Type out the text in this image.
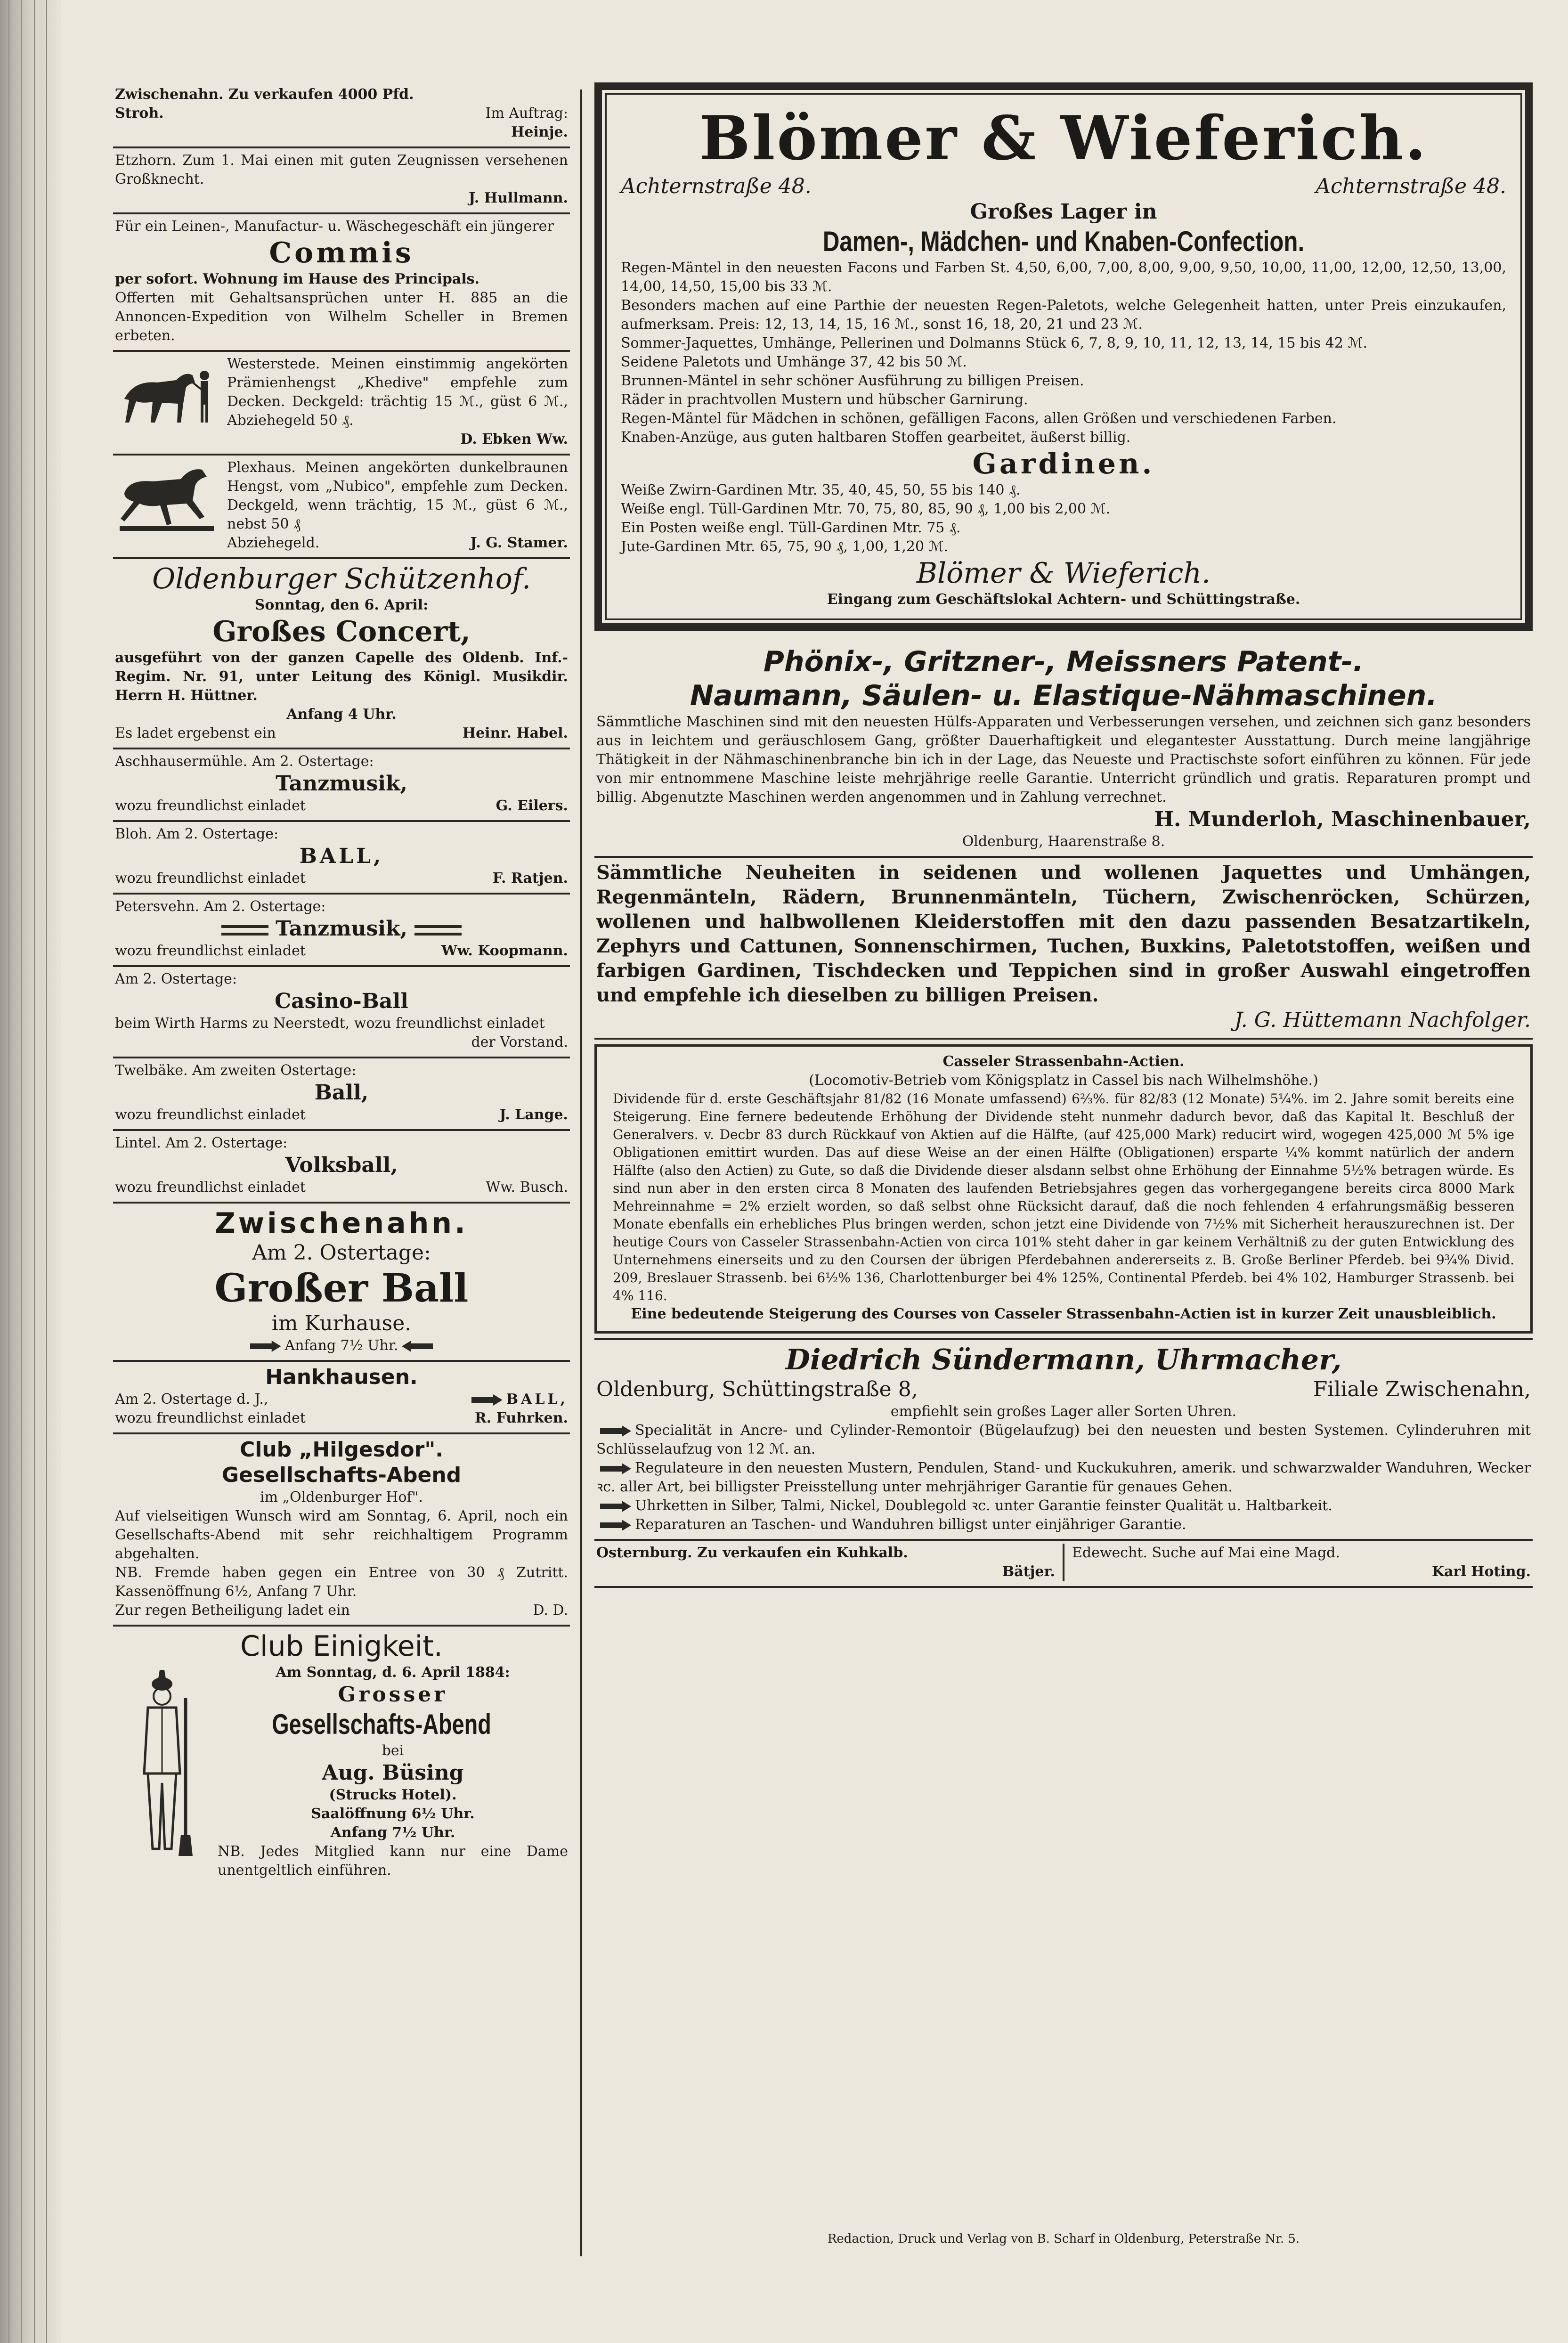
Zwischenahn. Zu verkaufen 4000 Pfd.

Stroh.	Im Auftrag:

Heinje.

Etzhorn. Zum 1. Mai einen mit guten Zeugnissen versehenen Großknecht.

J. Hullmann.

Für ein Leinen-, Manufactur- u. Wäschegeschäft ein jüngerer

Commis

per sofort. Wohnung im Hause des Principals.

Offerten mit Gehaltsansprüchen unter H. 885 an die Annoncen-Expedition von Wilhelm Scheller in Bremen erbeten.

Westerstede. Meinen einstimmig angekörten Prämienhengst „Khedive" empfehle zum Decken. Deckgeld: trächtig 15 ℳ., güst 6 ℳ., Abziehegeld 50 ₰.

D. Ebken Ww.

Plexhaus. Meinen angekörten dunkelbraunen Hengst, vom „Nubico", empfehle zum Decken. Deckgeld, wenn trächtig, 15 ℳ., güst 6 ℳ., nebst 50 ₰

Abziehegeld.	J. G. Stamer.

Oldenburger Schützenhof.

Sonntag, den 6. April:

Großes Concert,

ausgeführt von der ganzen Capelle des Oldenb. Inf.-Regim. Nr. 91, unter Leitung des Königl. Musikdir. Herrn H. Hüttner.

Anfang 4 Uhr.

Es ladet ergebenst ein	Heinr. Habel.

Aschhausermühle. Am 2. Ostertage:

Tanzmusik,

wozu freundlichst einladet	G. Eilers.

Bloh. Am 2. Ostertage:

BALL,

wozu freundlichst einladet	F. Ratjen.

Petersvehn. Am 2. Ostertage:

Tanzmusik,

wozu freundlichst einladet	Ww. Koopmann.

Am 2. Ostertage:

Casino-Ball

beim Wirth Harms zu Neerstedt, wozu freundlichst einladet

der Vorstand.

Twelbäke. Am zweiten Ostertage:

Ball,

wozu freundlichst einladet	J. Lange.

Lintel. Am 2. Ostertage:

Volksball,

wozu freundlichst einladet	Ww. Busch.

Zwischenahn.

Am 2. Ostertage:

Großer Ball

im Kurhause.

Anfang 7½ Uhr.

Hankhausen.

Am 2. Ostertage d. J.,	BALL,

wozu freundlichst einladet	R. Fuhrken.

Club „Hilgesdor".

Gesellschafts-Abend

im „Oldenburger Hof".

Auf vielseitigen Wunsch wird am Sonntag, 6. April, noch ein Gesellschafts-Abend mit sehr reichhaltigem Programm abgehalten.

NB. Fremde haben gegen ein Entree von 30 ₰ Zutritt. Kassenöffnung 6½, Anfang 7 Uhr.

Zur regen Betheiligung ladet ein	D. D.

Club Einigkeit.

Am Sonntag, d. 6. April 1884:

Grosser

Gesellschafts-Abend

bei

Aug. Büsing

(Strucks Hotel).

Saalöffnung 6½ Uhr.

Anfang 7½ Uhr.

NB. Jedes Mitglied kann nur eine Dame unentgeltlich einführen.

Blömer & Wieferich.

Achternstraße 48.	Achternstraße 48.

Großes Lager in

Damen-, Mädchen- und Knaben-Confection.

Regen-Mäntel in den neuesten Facons und Farben St. 4,50, 6,00, 7,00, 8,00, 9,00, 9,50, 10,00, 11,00, 12,00, 12,50, 13,00, 14,00, 14,50, 15,00 bis 33 ℳ.

Besonders machen auf eine Parthie der neuesten Regen-Paletots, welche Gelegenheit hatten, unter Preis einzukaufen, aufmerksam. Preis: 12, 13, 14, 15, 16 ℳ., sonst 16, 18, 20, 21 und 23 ℳ.

Sommer-Jaquettes, Umhänge, Pellerinen und Dolmanns Stück 6, 7, 8, 9, 10, 11, 12, 13, 14, 15 bis 42 ℳ.

Seidene Paletots und Umhänge 37, 42 bis 50 ℳ.

Brunnen-Mäntel in sehr schöner Ausführung zu billigen Preisen.

Räder in prachtvollen Mustern und hübscher Garnirung.

Regen-Mäntel für Mädchen in schönen, gefälligen Facons, allen Größen und verschiedenen Farben.

Knaben-Anzüge, aus guten haltbaren Stoffen gearbeitet, äußerst billig.

Gardinen.

Weiße Zwirn-Gardinen Mtr. 35, 40, 45, 50, 55 bis 140 ₰.

Weiße engl. Tüll-Gardinen Mtr. 70, 75, 80, 85, 90 ₰, 1,00 bis 2,00 ℳ.

Ein Posten weiße engl. Tüll-Gardinen Mtr. 75 ₰.

Jute-Gardinen Mtr. 65, 75, 90 ₰, 1,00, 1,20 ℳ.

Blömer & Wieferich.

Eingang zum Geschäftslokal Achtern- und Schüttingstraße.

Phönix-, Gritzner-, Meissners Patent-.

Naumann, Säulen- u. Elastique-Nähmaschinen.

Sämmtliche Maschinen sind mit den neuesten Hülfs-Apparaten und Verbesserungen versehen, und zeichnen sich ganz besonders aus in leichtem und geräuschlosem Gang, größter Dauerhaftigkeit und elegantester Ausstattung. Durch meine langjährige Thätigkeit in der Nähmaschinenbranche bin ich in der Lage, das Neueste und Practischste sofort einführen zu können. Für jede von mir entnommene Maschine leiste mehrjährige reelle Garantie. Unterricht gründlich und gratis. Reparaturen prompt und billig. Abgenutzte Maschinen werden angenommen und in Zahlung verrechnet.

H. Munderloh, Maschinenbauer,

Oldenburg, Haarenstraße 8.

Sämmtliche Neuheiten in seidenen und wollenen Jaquettes und Umhängen, Regenmänteln, Rädern, Brunnenmänteln, Tüchern, Zwischenröcken, Schürzen, wollenen und halbwollenen Kleiderstoffen mit den dazu passenden Besatzartikeln, Zephyrs und Cattunen, Sonnenschirmen, Tuchen, Buxkins, Paletotstoffen, weißen und farbigen Gardinen, Tischdecken und Teppichen sind in großer Auswahl eingetroffen und empfehle ich dieselben zu billigen Preisen.

J. G. Hüttemann Nachfolger.

Casseler Strassenbahn-Actien.

(Locomotiv-Betrieb vom Königsplatz in Cassel bis nach Wilhelmshöhe.)

Dividende für d. erste Geschäftsjahr 81/82 (16 Monate umfassend) 6⅔%. für 82/83 (12 Monate) 5¼%. im 2. Jahre somit bereits eine Steigerung. Eine fernere bedeutende Erhöhung der Dividende steht nunmehr dadurch bevor, daß das Kapital lt. Beschluß der Generalvers. v. Decbr 83 durch Rückkauf von Aktien auf die Hälfte, (auf 425,000 Mark) reducirt wird, wogegen 425,000 ℳ 5% ige Obligationen emittirt wurden. Das auf diese Weise an der einen Hälfte (Obligationen) ersparte ¼% kommt natürlich der andern Hälfte (also den Actien) zu Gute, so daß die Dividende dieser alsdann selbst ohne Erhöhung der Einnahme 5½% betragen würde. Es sind nun aber in den ersten circa 8 Monaten des laufenden Betriebsjahres gegen das vorhergegangene bereits circa 8000 Mark Mehreinnahme = 2% erzielt worden, so daß selbst ohne Rücksicht darauf, daß die noch fehlenden 4 erfahrungsmäßig besseren Monate ebenfalls ein erhebliches Plus bringen werden, schon jetzt eine Dividende von 7½% mit Sicherheit herauszurechnen ist. Der heutige Cours von Casseler Strassenbahn-Actien von circa 101% steht daher in gar keinem Verhältniß zu der guten Entwicklung des Unternehmens einerseits und zu den Coursen der übrigen Pferdebahnen andererseits z. B. Große Berliner Pferdeb. bei 9¾% Divid. 209, Breslauer Strassenb. bei 6½% 136, Charlottenburger bei 4% 125%, Continental Pferdeb. bei 4% 102, Hamburger Strassenb. bei 4% 116.

Eine bedeutende Steigerung des Courses von Casseler Strassenbahn-Actien ist in kurzer Zeit unausbleiblich.

Diedrich Sündermann, Uhrmacher,

Oldenburg, Schüttingstraße 8,	Filiale Zwischenahn,

empfiehlt sein großes Lager aller Sorten Uhren.

Specialität in Ancre- und Cylinder-Remontoir (Bügelaufzug) bei den neuesten und besten Systemen. Cylinderuhren mit Schlüsselaufzug von 12 ℳ. an.

Regulateure in den neuesten Mustern, Pendulen, Stand- und Kuckukuhren, amerik. und schwarzwalder Wanduhren, Wecker ꝛc. aller Art, bei billigster Preisstellung unter mehrjähriger Garantie für genaues Gehen.

Uhrketten in Silber, Talmi, Nickel, Doublegold ꝛc. unter Garantie feinster Qualität u. Haltbarkeit.

Reparaturen an Taschen- und Wanduhren billigst unter einjähriger Garantie.

Osternburg. Zu verkaufen ein Kuhkalb.

Bätjer.

Edewecht. Suche auf Mai eine Magd.

Karl Hoting.

Redaction, Druck und Verlag von B. Scharf in Oldenburg, Peterstraße Nr. 5.
